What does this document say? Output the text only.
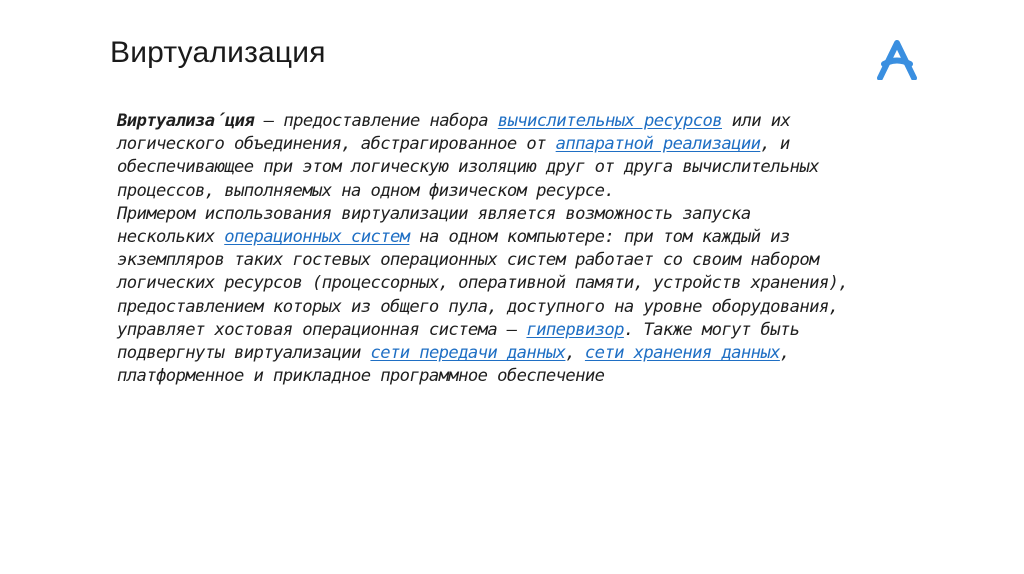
Виртуализация
Виртуализа́ция — предоставление набора вычислительных ресурсов или их
логического объединения, абстрагированное от аппаратной реализации, и
обеспечивающее при этом логическую изоляцию друг от друга вычислительных
процессов, выполняемых на одном физическом ресурсе.
Примером использования виртуализации является возможность запуска
нескольких операционных систем на одном компьютере: при том каждый из
экземпляров таких гостевых операционных систем работает со своим набором
логических ресурсов (процессорных, оперативной памяти, устройств хранения),
предоставлением которых из общего пула, доступного на уровне оборудования,
управляет хостовая операционная система — гипервизор. Также могут быть
подвергнуты виртуализации сети передачи данных, сети хранения данных,
платформенное и прикладное программное обеспечение
